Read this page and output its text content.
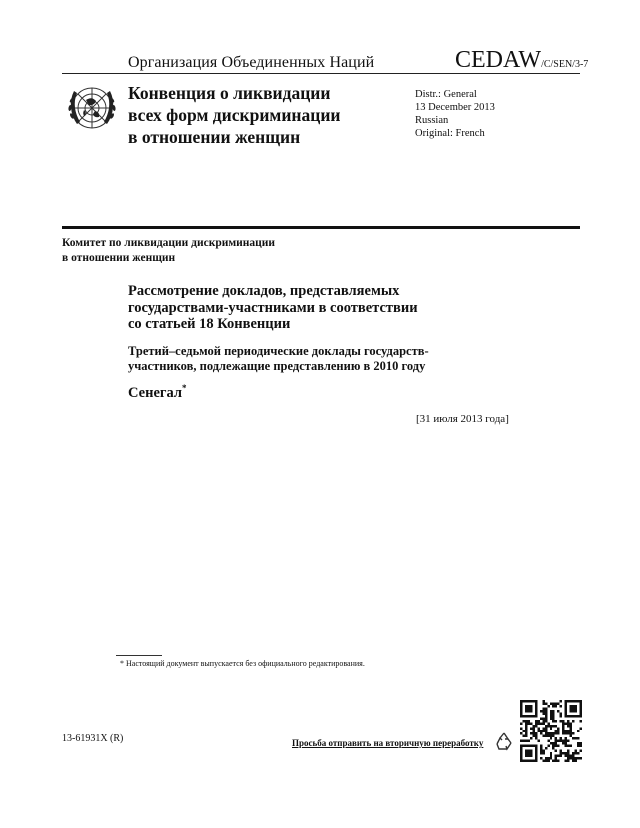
Организация Объединенных Наций	CEDAW/C/SEN/3-7
Конвенция о ликвидации
всех форм дискриминации
в отношении женщин
Distr.: General
13 December 2013
Russian
Original: French
Комитет по ликвидации дискриминации
в отношении женщин
Рассмотрение докладов, представляемых
государствами-участниками в соответствии
со статьей 18 Конвенции
Третий–седьмой периодические доклады государств-
участников, подлежащие представлению в 2010 году
Сенегал*
[31 июля 2013 года]
* Настоящий документ выпускается без официального редактирования.
13-61931X (R)	Просьба отправить на вторичную переработку
